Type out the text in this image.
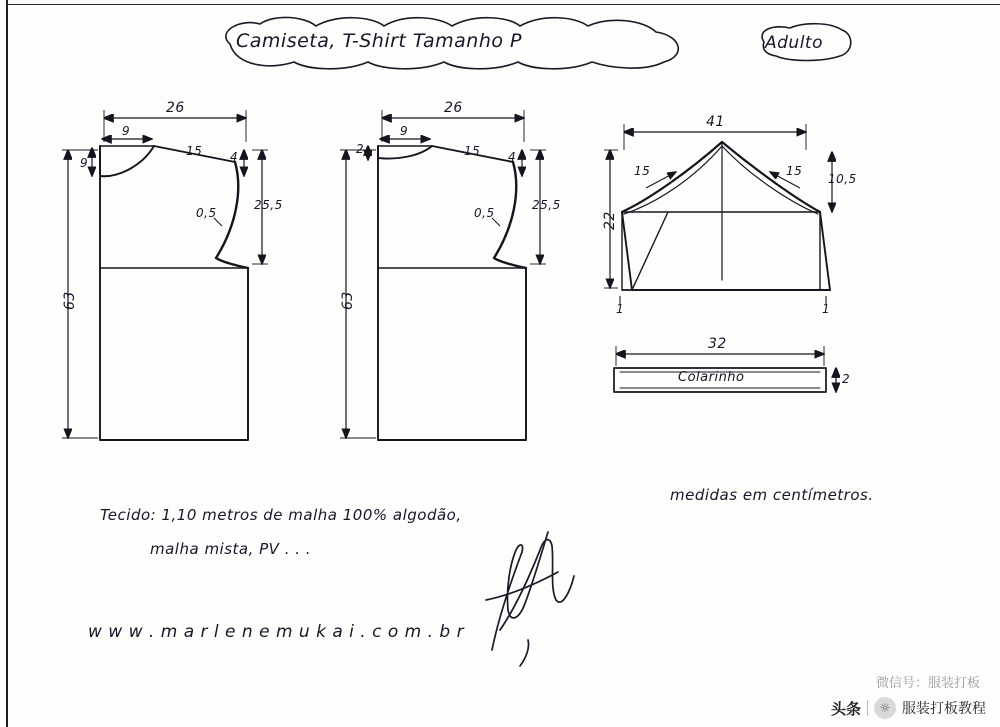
Camiseta, T-Shirt Tamanho P	Adulto
26
9
9
15 4
0,5
25,5
63
26
9
2	15 4
0,5
25,5
63
41
15	15
22
10,5
1	1
32
2
Colarinho
medidas em centímetros.
Tecido: 1,10 metros de malha 100% algodão,
malha mista, PV . . .
w w w . m a r l e n e m u k a i . c o m . b r
微信号：服装打板
头条	☼ 服装打板教程
